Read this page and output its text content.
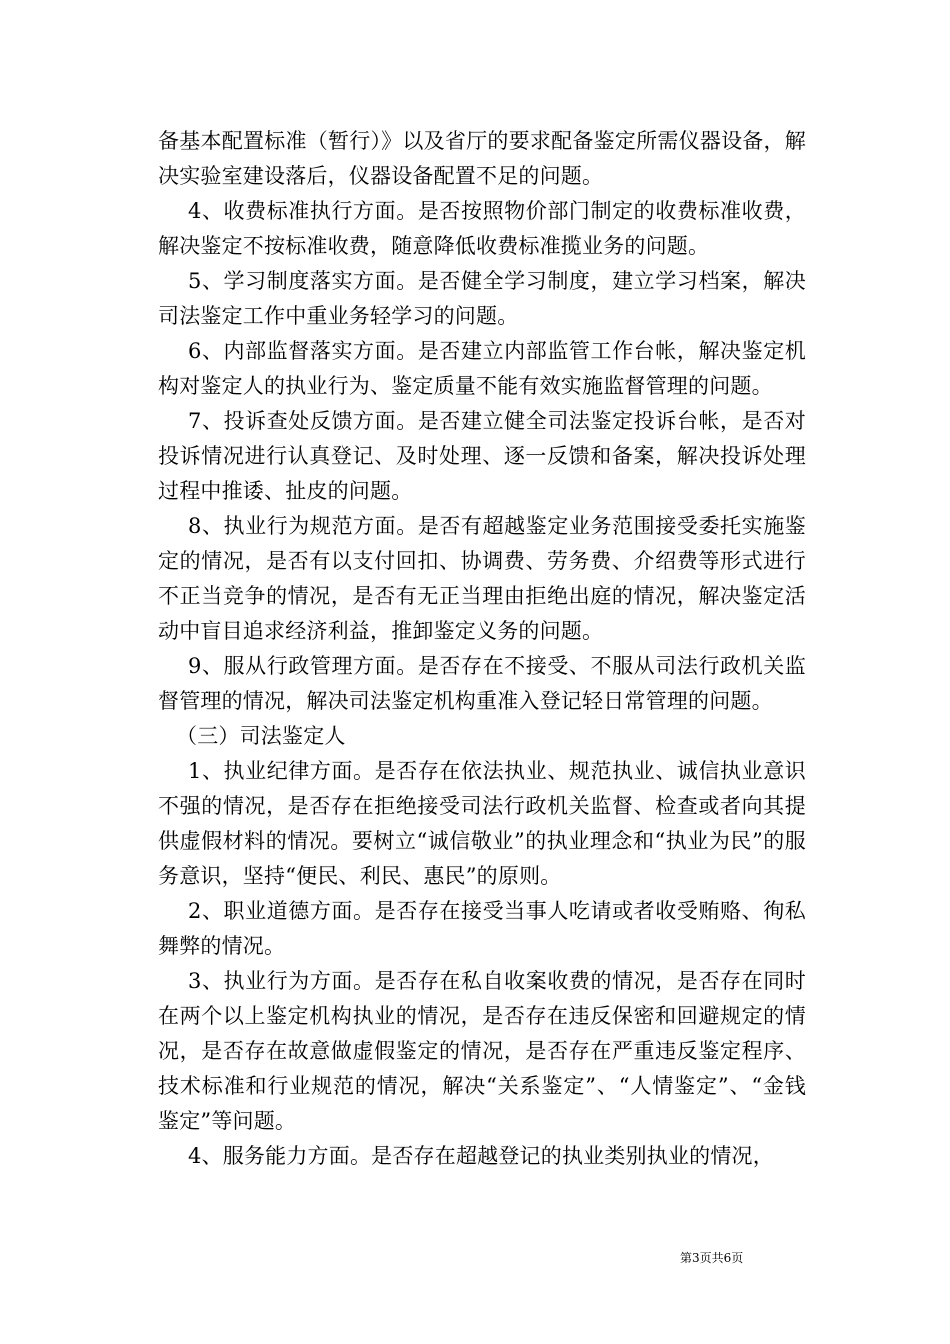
备基本配置标准（暂行）》以及省厅的要求配备鉴定所需仪器设备，解决实验室建设落后，仪器设备配置不足的问题。

4、收费标准执行方面。是否按照物价部门制定的收费标准收费，解决鉴定不按标准收费，随意降低收费标准揽业务的问题。

5、学习制度落实方面。是否健全学习制度，建立学习档案，解决司法鉴定工作中重业务轻学习的问题。

6、内部监督落实方面。是否建立内部监管工作台帐，解决鉴定机构对鉴定人的执业行为、鉴定质量不能有效实施监督管理的问题。

7、投诉查处反馈方面。是否建立健全司法鉴定投诉台帐，是否对投诉情况进行认真登记、及时处理、逐一反馈和备案，解决投诉处理过程中推诿、扯皮的问题。

8、执业行为规范方面。是否有超越鉴定业务范围接受委托实施鉴定的情况，是否有以支付回扣、协调费、劳务费、介绍费等形式进行不正当竞争的情况，是否有无正当理由拒绝出庭的情况，解决鉴定活动中盲目追求经济利益，推卸鉴定义务的问题。

9、服从行政管理方面。是否存在不接受、不服从司法行政机关监督管理的情况，解决司法鉴定机构重准入登记轻日常管理的问题。

（三）司法鉴定人

1、执业纪律方面。是否存在依法执业、规范执业、诚信执业意识不强的情况，是否存在拒绝接受司法行政机关监督、检查或者向其提供虚假材料的情况。要树立“诚信敬业”的执业理念和“执业为民”的服务意识，坚持“便民、利民、惠民”的原则。

2、职业道德方面。是否存在接受当事人吃请或者收受贿赂、徇私舞弊的情况。

3、执业行为方面。是否存在私自收案收费的情况，是否存在同时在两个以上鉴定机构执业的情况，是否存在违反保密和回避规定的情况，是否存在故意做虚假鉴定的情况，是否存在严重违反鉴定程序、技术标准和行业规范的情况，解决“关系鉴定”、“人情鉴定”、“金钱鉴定”等问题。

4、服务能力方面。是否存在超越登记的执业类别执业的情况，

第3页共6页
